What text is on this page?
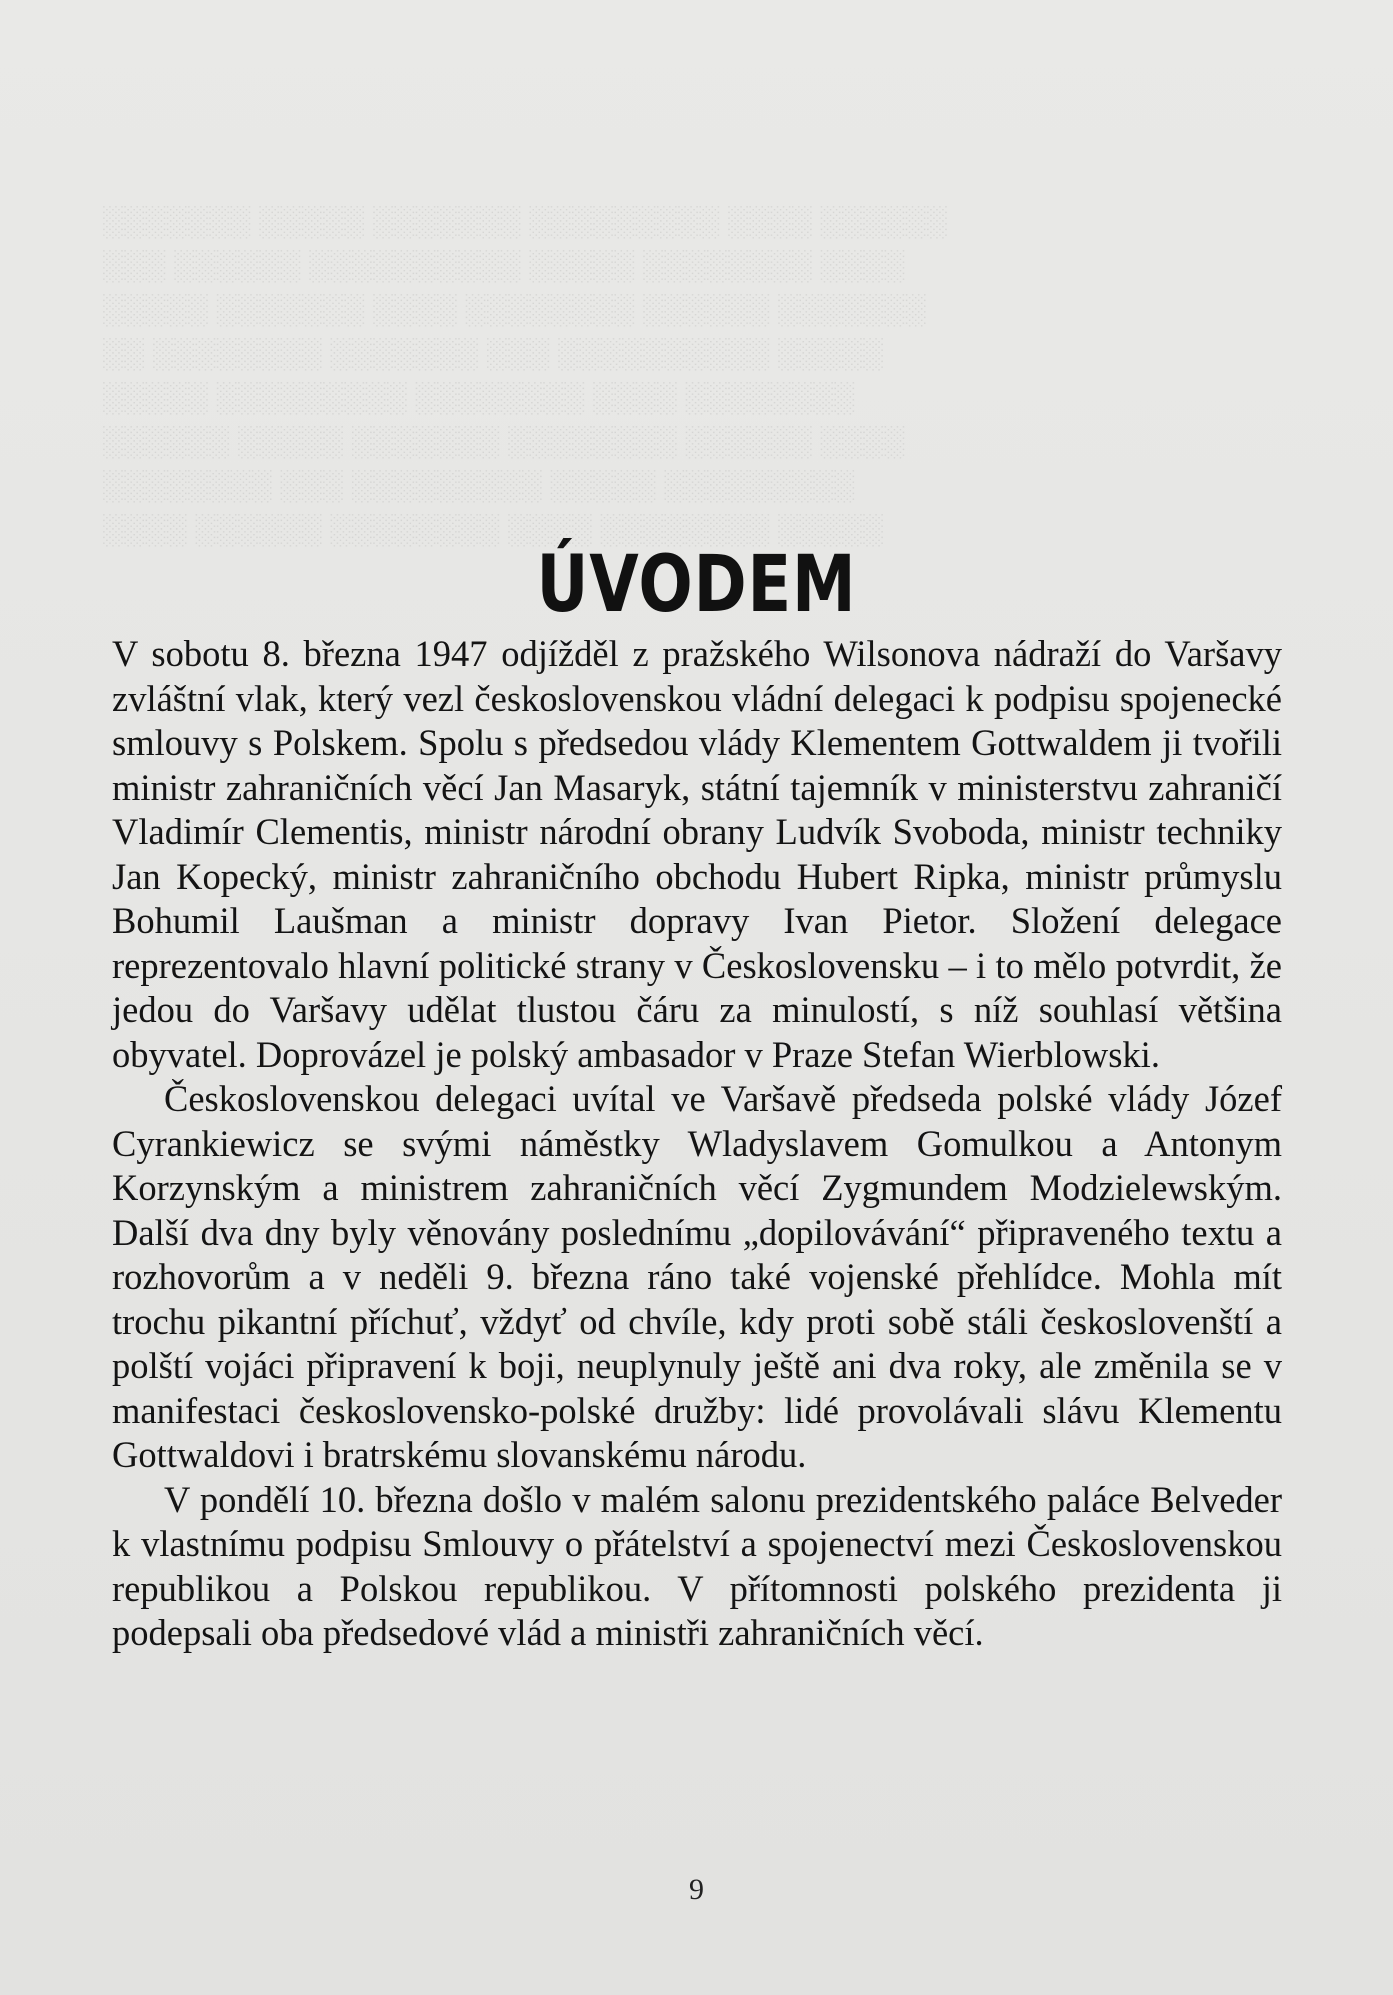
░░░░░░ ░░░░ ░░░░░░░░░ ░░░░░░░ ░░░░░ ░░░░░░░
░░░░ ░░░░░░░░ ░░░░░ ░░░░░░░░░░ ░░░░░░ ░░░
░░░░░░░ ░░░░░░ ░░░░░░░░ ░░░░ ░░░░░░░ ░░░░░
░░░░░ ░░░░░░░░░░ ░░░ ░░░░░░░ ░░░░░░░░ ░░
░░░░░░░░ ░░░░ ░░░░░░░░ ░░░░░░░░░ ░░░░░
░░░░ ░░░░░░ ░░░░░░░░ ░░░░░░░ ░░░░░ ░░░░░░
░░░░░░░░░ ░░░░░ ░░░░░░░░░ ░░░ ░░░░░░░░
░░░░░ ░░░░░░░░ ░░░░ ░░░░░░░░ ░░░░░░ ░░░░
ÚVODEM

V sobotu 8. března 1947 odjížděl z pražského Wilsonova nádraží do Varšavy zvláštní vlak, který vezl československou vládní delegaci k podpisu spojenecké smlouvy s Polskem. Spolu s předsedou vlády Klementem Gottwaldem ji tvořili ministr zahraničních věcí Jan Masaryk, státní tajemník v ministerstvu zahraničí Vladimír Clementis, ministr národní obrany Ludvík Svoboda, ministr techniky Jan Kopecký, ministr zahraničního obchodu Hubert Ripka, ministr průmyslu Bohumil Laušman a ministr dopravy Ivan Pietor. Složení delegace reprezentovalo hlavní politické strany v Československu – i to mělo potvrdit, že jedou do Varšavy udělat tlustou čáru za minulostí, s níž souhlasí většina obyvatel. Doprovázel je polský ambasador v Praze Stefan Wierblowski.

Československou delegaci uvítal ve Varšavě předseda polské vlády Józef Cyrankiewicz se svými náměstky Wladyslavem Gomulkou a Antonym Korzynským a ministrem zahraničních věcí Zygmundem Modzielewským. Další dva dny byly věnovány poslednímu „dopilovávání“ připraveného textu a rozhovorům a v neděli 9. března ráno také vojenské přehlídce. Mohla mít trochu pikantní příchuť, vždyť od chvíle, kdy proti sobě stáli českoslovenští a polští vojáci připravení k boji, neuplynuly ještě ani dva roky, ale změnila se v manifestaci československo-polské družby: lidé provolávali slávu Klementu Gottwaldovi i bratrskému slovanskému národu.

V pondělí 10. března došlo v malém salonu prezidentského paláce Belveder k vlastnímu podpisu Smlouvy o přátelství a spojenectví mezi Československou republikou a Polskou republikou. V přítomnosti polského prezidenta ji podepsali oba předsedové vlád a ministři zahraničních věcí.

9
